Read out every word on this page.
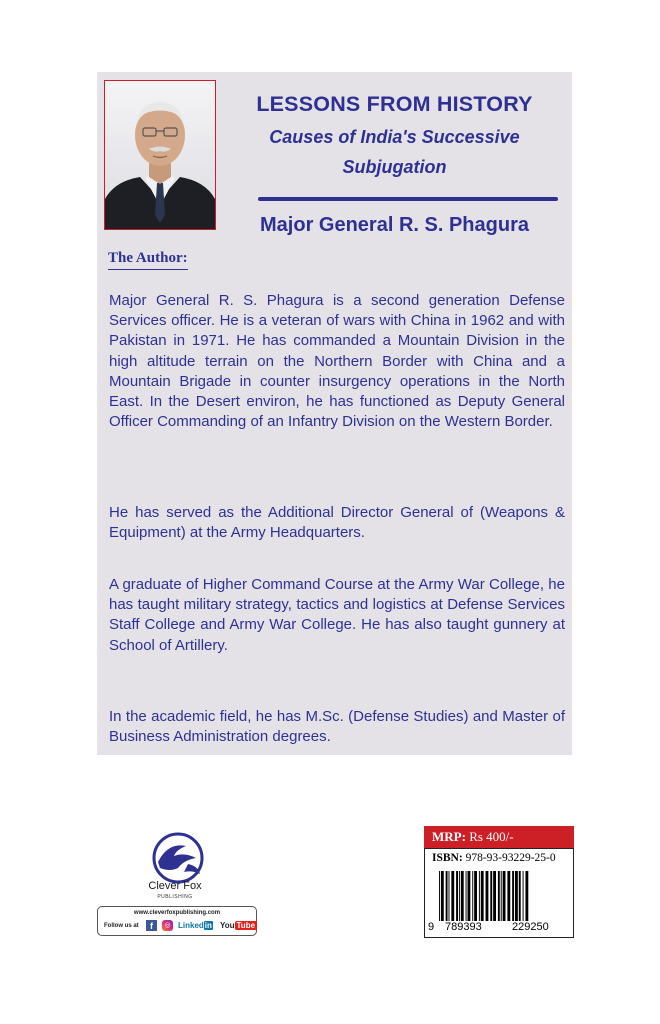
LESSONS FROM HISTORY
Causes of India's Successive
Subjugation
Major General R. S. Phagura
The Author:
Major General R. S. Phagura is a second generation Defense Services officer. He is a veteran of wars with China in 1962 and with Pakistan in 1971. He has commanded a Mountain Division in the high altitude terrain on the Northern Border with China and a Mountain Brigade in counter insurgency operations in the North East. In the Desert environ, he has functioned as Deputy General Officer Commanding of an Infantry Division on the Western Border.
He has served as the Additional Director General of (Weapons & Equipment) at the Army Headquarters.
A graduate of Higher Command Course at the Army War College, he has taught military strategy, tactics and logistics at Defense Services Staff College and Army War College. He has also taught gunnery at School of Artillery.
In the academic field, he has M.Sc. (Defense Studies) and Master of Business Administration degrees.
Clever Fox
PUBLISHING
www.cleverfoxpublishing.com
Follow us at	f	◎ Linkedin You Tube
MRP: Rs 400/-
ISBN: 978-93-93229-25-0
9 789393	229250
